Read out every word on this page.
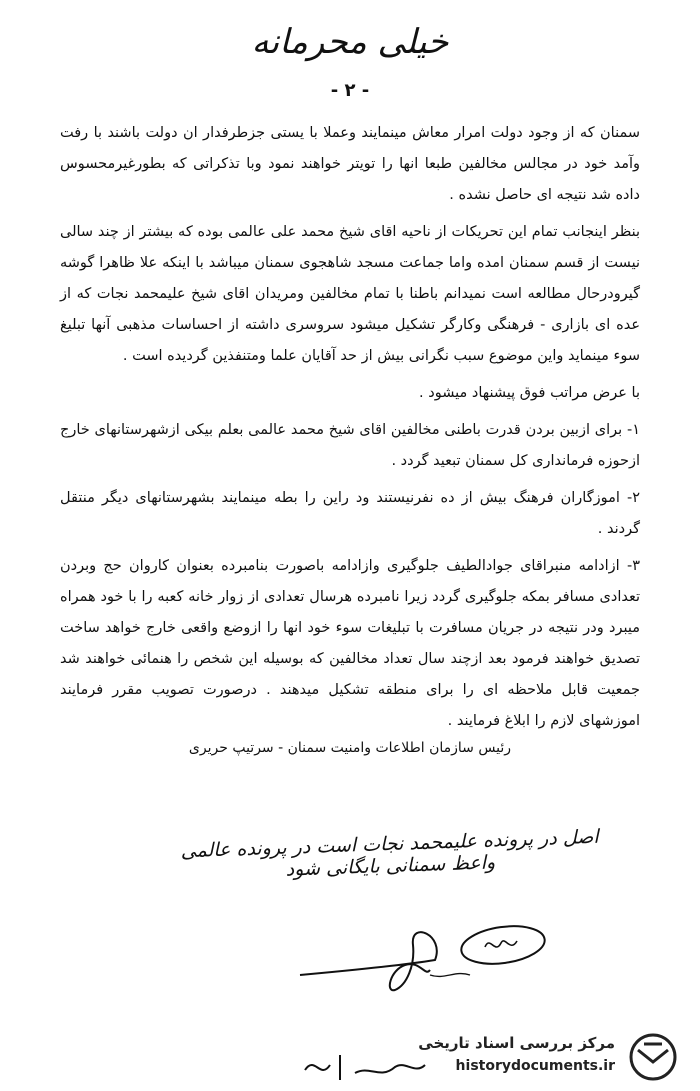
خیلی محرمانه
- ۲ -

سمنان که از وجود دولت امرار معاش مینمایند وعملا با یستی جزطرفدار ان دولت باشند با رفت وآمد خود در مجالس مخالفین طبعا انها را تویتر خواهند نمود وبا تذکراتی که بطورغیرمحسوس داده شد نتیجه ای حاصل نشده .

بنظر اینجانب تمام این تحریکات از ناحیه اقای شیخ محمد علی عالمی بوده که بیشتر از چند سالی نیست از قسم سمنان امده واما جماعت مسجد شاهجوی سمنان میباشد با اینکه علا ظاهرا گوشه گیرودرحال مطالعه است نمیدانم باطنا با تمام مخالفین ومریدان اقای شیخ علیمحمد نجات که از عده ای بازاری - فرهنگی وکارگر تشکیل میشود سروسری داشته از احساسات مذهبی آنها تبلیغ سوء مینماید واین موضوع سبب نگرانی بیش از حد آقایان علما ومتنفذین گردیده است .

با عرض مراتب فوق پیشنهاد میشود .

۱- برای ازبین بردن قدرت باطنی مخالفین اقای شیخ محمد عالمی بعلم بیکی ازشهرستانهای خارج ازحوزه فرمانداری کل سمنان تبعید گردد .

۲- اموزگاران فرهنگ بیش از ده نفرنیستند ود راین را بطه مینمایند بشهرستانهای دیگر منتقل گردند .

۳- ازادامه منبراقای جوادالطیف جلوگیری وازادامه باصورت بنامبرده بعنوان کاروان حج وبردن تعدادی مسافر بمکه جلوگیری گردد زیرا نامبرده هرسال تعدادی از زوار خانه کعبه را با خود همراه میبرد ودر نتیجه در جریان مسافرت با تبلیغات سوء خود انها را ازوضع واقعی خارج خواهد ساخت تصدیق خواهند فرمود بعد ازچند سال تعداد مخالفین که بوسیله این شخص را هنمائی خواهند شد جمعیت قابل ملاحظه ای را برای منطقه تشکیل میدهند . درصورت تصویب مقرر فرمایند اموزشهای لازم را ابلاغ فرمایند .

رئیس سازمان اطلاعات وامنیت سمنان - سرتیپ حریری
اصل در پرونده علیمحمد نجات است در پرونده عالمی واعظ سمنانی بایگانی شود
مرکز بررسی اسناد تاریخی
historydocuments.ir
